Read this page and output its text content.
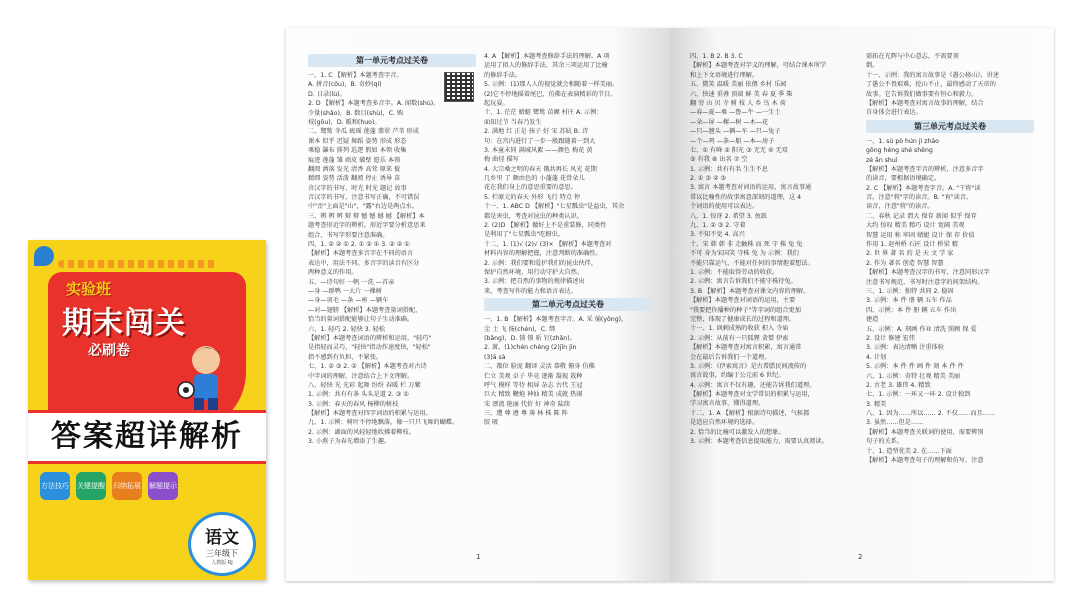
实验班
期末闯关
必刷卷
答案超详解析
方法技巧 关键提醒 归纳拓展 解题提示
语文
三年级下
人教版 RJ
第一单元考点过关卷
一、1. C 【解析】本题考查字音。
A. 拼音(cōu)，B. 奇妙(qí)
D. 日录(lù)。
2. D 【解析】本题考查多音字。A. 闻数(shù)。
少量(shǎo)，B. 数目(shù)，C. 购
枝(gōu)，D. 暖和(huo)。
二、鹭鸶 冬瓜 琉瑶 莲蓬 翡翠 芦苇 形成
课本 似乎 迟疑 舞蹈 姿势 形成 形态
乘稳 瀑布 排列 巡逻 假如 本领 收集
痕迹 莲蓬 雏 顽皮 破壁 愿乐 本领
翻阅 洒落 发光 清香 高耸 原来 彼
精细 姿势 活泼 翻阅 停止 诱导 苗
含汉字的书写，时光 时光 题记 故事
音汉字的书写，注意书写正确，不可错误
中"歪"上面是"山"，"露"右边是两点水。
三、辨 辨 辨 辩 辩 憾 憾 撼 撼 【解析】本
题考查形近字的辨析。形近字要分析意思来
组合，书写字形要注意准确。
四、1. ② ② ① 2. ① ② ① 3. ② ② ①
【解析】本题考查多音字在不同的语言
表达中，用法不同。多音字的读音有区分
两种意义的作用。
五、—诗句好 一帆 一洗 —首亲
—身 —群鸭 一大片 一棵树
—身—羽毛 —条 —座 —辆车
—对—翅膀 【解析】本题考查量词搭配，
恰当的量词搭配能够让句子生动准确。
六、1. 轻巧 2. 轻快 3. 轻松
【解析】本题考查词语的辨析和运用。"轻巧"
是指轻而灵巧，"轻快"指动作速度快，"轻松"
指不感到有负担，不紧张。
七、1. ② ③ 2. ② 【解析】本题考查对古诗
中字词的理解，注意结合上下文理解。
八、轻快 光 光彩 起舞 纷纷 春暖 栏 万紫
1. 示例：共有有条 头头是道 2. ③ ①
3. 示例：春天的春风 杨柳的树枝
【解析】本题考查对四字词语的积累与运用。
九、1. 示例：树叶不停地飘落，像一只只飞舞的蝴蝶。
2. 示例：湖面的风轻轻地吹拂着柳枝。
3. 小燕子为春光增添了生趣。
4. A 【解析】本题考查修辞手法的理解。A 项
运用了拟人的修辞手法，其余三项运用了比喻
的修辞手法。
5. 示例：(1)那人人的视觉就会相随着一样美丽。
(2)它不停地摇着尾巴，仿佛在表演精彩的节目。
起玩耍。
十、1. 茫茫 蜻蜓 鹭鸶 苗圃 村庄 A. 示例：
面知过节 当春乃发生
2. 满地 红 正是 孩子 好 宋 苏轼 B. 诗
句：在宫内进行了一步一般跟随着一到大
3. 本童未同 满城风絮 ——颜色 梅花 黄
梅 曲径 描写
4. 大宗桑之明的春天 俄共再长 风光 花期
几乡里 了 颇由色的 小蓬蓬 花骨朵儿
花在我们身上的意思重要的意思。
5. 栏原元的春天 外形 飞行 特点 停
十一、1. ABC D 【解析】"七星瓢虫"是益虫，其余
都是害虫，考查对昆虫的种类认识。
2. (2)D 【解析】做好上不是重装修，同类性
是利用了"七星瓢虫"吃蚜虫。
十二、1. (1)√ (2)√ (3)× 【解析】本题考查对
材料内容的理解把握，注意判断的准确性。
2. 示例：我们要和爱护我们的昆虫伙伴，
保护自然环境，用行动守护大自然。
3. 示例：把自然的事物的规律描述出
来，考查写作的能力和语言表达。
第二单元考点过关卷
一、1. B 【解析】本题考查字音。A. 采 俑(yǒng)，
尘 土 飞 扬(chén)，C. 绑
(bǎng)，D. 锁 锁 斩 钉(zhǎn)。
2. 萧。(1)chén chéng (2)jīn jìn
(3)ā sà
二、都位 脸庞 翻译 灵活 恭敬 俯身 仿佛
伫立 美观 卓子 毕竟 逐渐 凝视 栽种
呼气 模样 等待 相屏 杂志 古代 王冠
巨大 精致 鞭炮 神仙 精美 成就 热闹
宋 漂流 艳丽 代价 好 神奇 陆续
三、遭 尊 遵 尊 薄 林 株 陈 阵
胶 吸
1
四、1. B 2. B 3. C
【解析】本题考查对字义的理解，可结合课本所学
和上下文语境进行理解。
五、微笑 温暖 美丽 依偎 乡村 乐园
六、快速 重叠 顶端 鲜 美 春 夏 季 柴
翻 穷 山 贝 寺 树 枝 人 乡 鸟 木 荷
—春—夏—乘 —鲁—牛 —一生土
—朵—屏 —棵—树 —木—花
—只—翘头 —辆—车 —只—兔子
—个—鸡 —条—船 —本—房子
七、① 有峰 ② 阳光 ③ 无无 ④ 无双
⑤ 有我 ⑥ 出名 ⑦ 空
1. 示例：共有有名 生生不息
2. ① ③ ② ③
3. 寓言 本题考查对词语的运用，寓言故事通
常以比喻性的故事寓意深刻的道理，这 4
个词语的使用可以表达。
八、1. 惊讶 2. 希望 3. 鱼跃
九、1. ② ③ 2. 守着
3. 不知不觉 4. 高兴
十、宋 韩 韩 非 走触株 而 死 守 株 兔 兔
不可 身为宋国笑 守株 兔 为 示例：我们
不能只靠运气，不能对任何的事情抱着想法。
1. 示例：不能取得劳动的收获。
2. 示例：寓言告诉我们不能守株待兔。
3. B 【解析】本题考查对课文内容的理解。
【解析】本题考查对词语的运用，主要
"我要把你播种的种子"等字词的组合更加
完整，体现了健康成长的过程和道理。
十一、1. 讽刺成熟的收获 积入 寺庙
2. 示例：从前有一只狐狸 贪婪 伊索
【解析】本题考查对寓言积累，寓言通常
会在最后告诉我们一个道理。
3. 示例：《伊索寓言》是古希腊民间流传的
寓言故事，约编于公元前 6 世纪。
4. 示例：寓言不仅有趣，还能告诉我们道理。
【解析】本题考查对文学常识的积累与运用，
学习寓言故事，懂得道理。
十二、1. A 【解析】根据诗句描述，气候都
是适应自然环境的选择。
2. 恰当的比喻可以激发人的想象。
3. 示例：本题考查信息提取能力，需要认真阅读。
需拓在光辉与中心意志，不需要顶
倒。
十一、示例：我的寓言故事是《愚公移山》，讲述
了愚公不畏艰难，挖山不止，最终感动了天帝的
故事。它告诉我们做事要有恒心和毅力。
【解析】本题考查对寓言故事的理解，结合
自身体会进行表达。
第三单元考点过关卷
一、1. sù pò hún jì zhāo
gǒng héng shé shēng
zé ān shuì
【解析】本题考查字音的辨析，注意多音字
的读音，要根据语境确定。
2. C 【解析】本题考查字音。A. "干将"读
音，注意"将"字的读音。B. "宵"读音。
读音，注意"将"的读音。
二、春秋 记录 谓大 保存 新闻 似乎 保存
大约 惊叹 精美 精巧 设计 宽阔 美观
智慧 运用 称 牢固 蜻蜓 设计 保 存 价值
作用 1. 赵州桥 石匠 设计 桥梁 精
2. 世 界 著 名 的 是 天 文 学 家
2. 作为 著名 创造 智慧 智慧
【解析】本题考查汉字的书写，注意同形汉字
注意书写规范，书写时注意字的间架结构。
三、1. 示例：独特 共同 2. 稳固
3. 示例：本 件 册 辆 五车 作品
四、示例：本 件 册 辆 五车 作出
建造
五、示例：A. 刻画 作业 清洗 照顾 保 爱
2. 设计 修建 宏伟
3. 示例：表达清晰 注重体验
4. 计划
5. 示例：本 件 件 画 件 刻 本 件 件
六、1. 示例：奇特 壮观 精美 美丽
2. 古老 3. 雄伟 4. 精致
七、1. 示例：一环又一环 2. 设计独到
3. 精美
八、1. 因为……所以…… 2. 不仅……而且……
3. 虽然……但是……
【解析】本题考查关联词的使用，需要辨别
句子的关系。
十、1. 造型优美 2. 在……下面
【解析】本题考查句子的理解和仿写，注意
2
